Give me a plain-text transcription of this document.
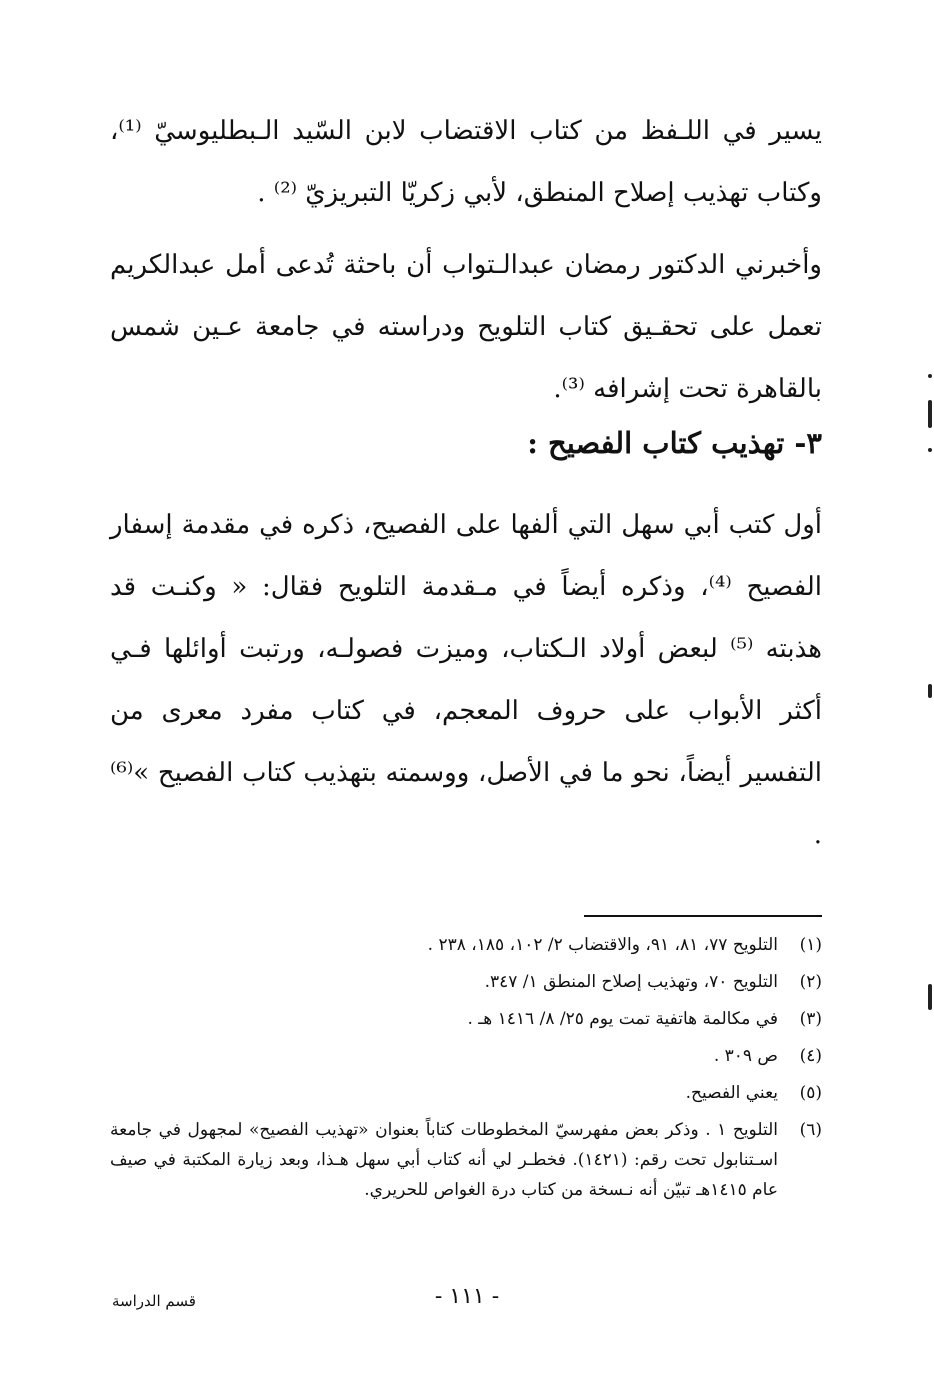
يسير في اللـفظ من كتاب الاقتضاب لابن السّيد الـبطليوسيّ ⁽¹⁾، وكتاب تهذيب إصلاح المنطق، لأبي زكريّا التبريزيّ ⁽²⁾ .

وأخبرني الدكتور رمضان عبدالـتواب أن باحثة تُدعى أمل عبدالكريم تعمل على تحقـيق كتاب التلويح ودراسته في جامعة عـين شمس بالقاهرة تحت إشرافه ⁽³⁾.

٣- تهذيب كتاب الفصيح :

أول كتب أبي سهل التي ألفها على الفصيح، ذكره في مقدمة إسفار الفصيح ⁽⁴⁾، وذكره أيضاً في مـقدمة التلويح فقال: « وكنـت قد هذبته ⁽⁵⁾ لبعض أولاد الـكتاب، وميزت فصولـه، ورتبت أوائلها فـي أكثر الأبواب على حروف المعجم، في كتاب مفرد معرى من التفسير أيضاً، نحو ما في الأصل، ووسمته بتهذيب كتاب الفصيح »⁽⁶⁾ .

(١)
التلويح ٧٧، ٨١، ٩١، والاقتضاب ٢/ ١٠٢، ١٨٥، ٢٣٨ .
(٢)
التلويح ٧٠، وتهذيب إصلاح المنطق ١/ ٣٤٧.
(٣)
في مكالمة هاتفية تمت يوم ٢٥/ ٨/ ١٤١٦ هـ .
(٤)
ص ٣٠٩ .
(٥)
يعني الفصيح.
(٦)
التلويح ١ . وذكر بعض مفهرسيّ المخطوطات كتاباً بعنوان «تهذيب الفصيح» لمجهول في جامعة اسـتنابول تحت رقم: (١٤٢١). فخطـر لي أنه كتاب أبي سهل هـذا، وبعد زيارة المكتبة في صيف عام ١٤١٥هـ تبيّن أنه نـسخة من كتاب درة الغواص للحريري.
- ١١١ -
قسم الدراسة
